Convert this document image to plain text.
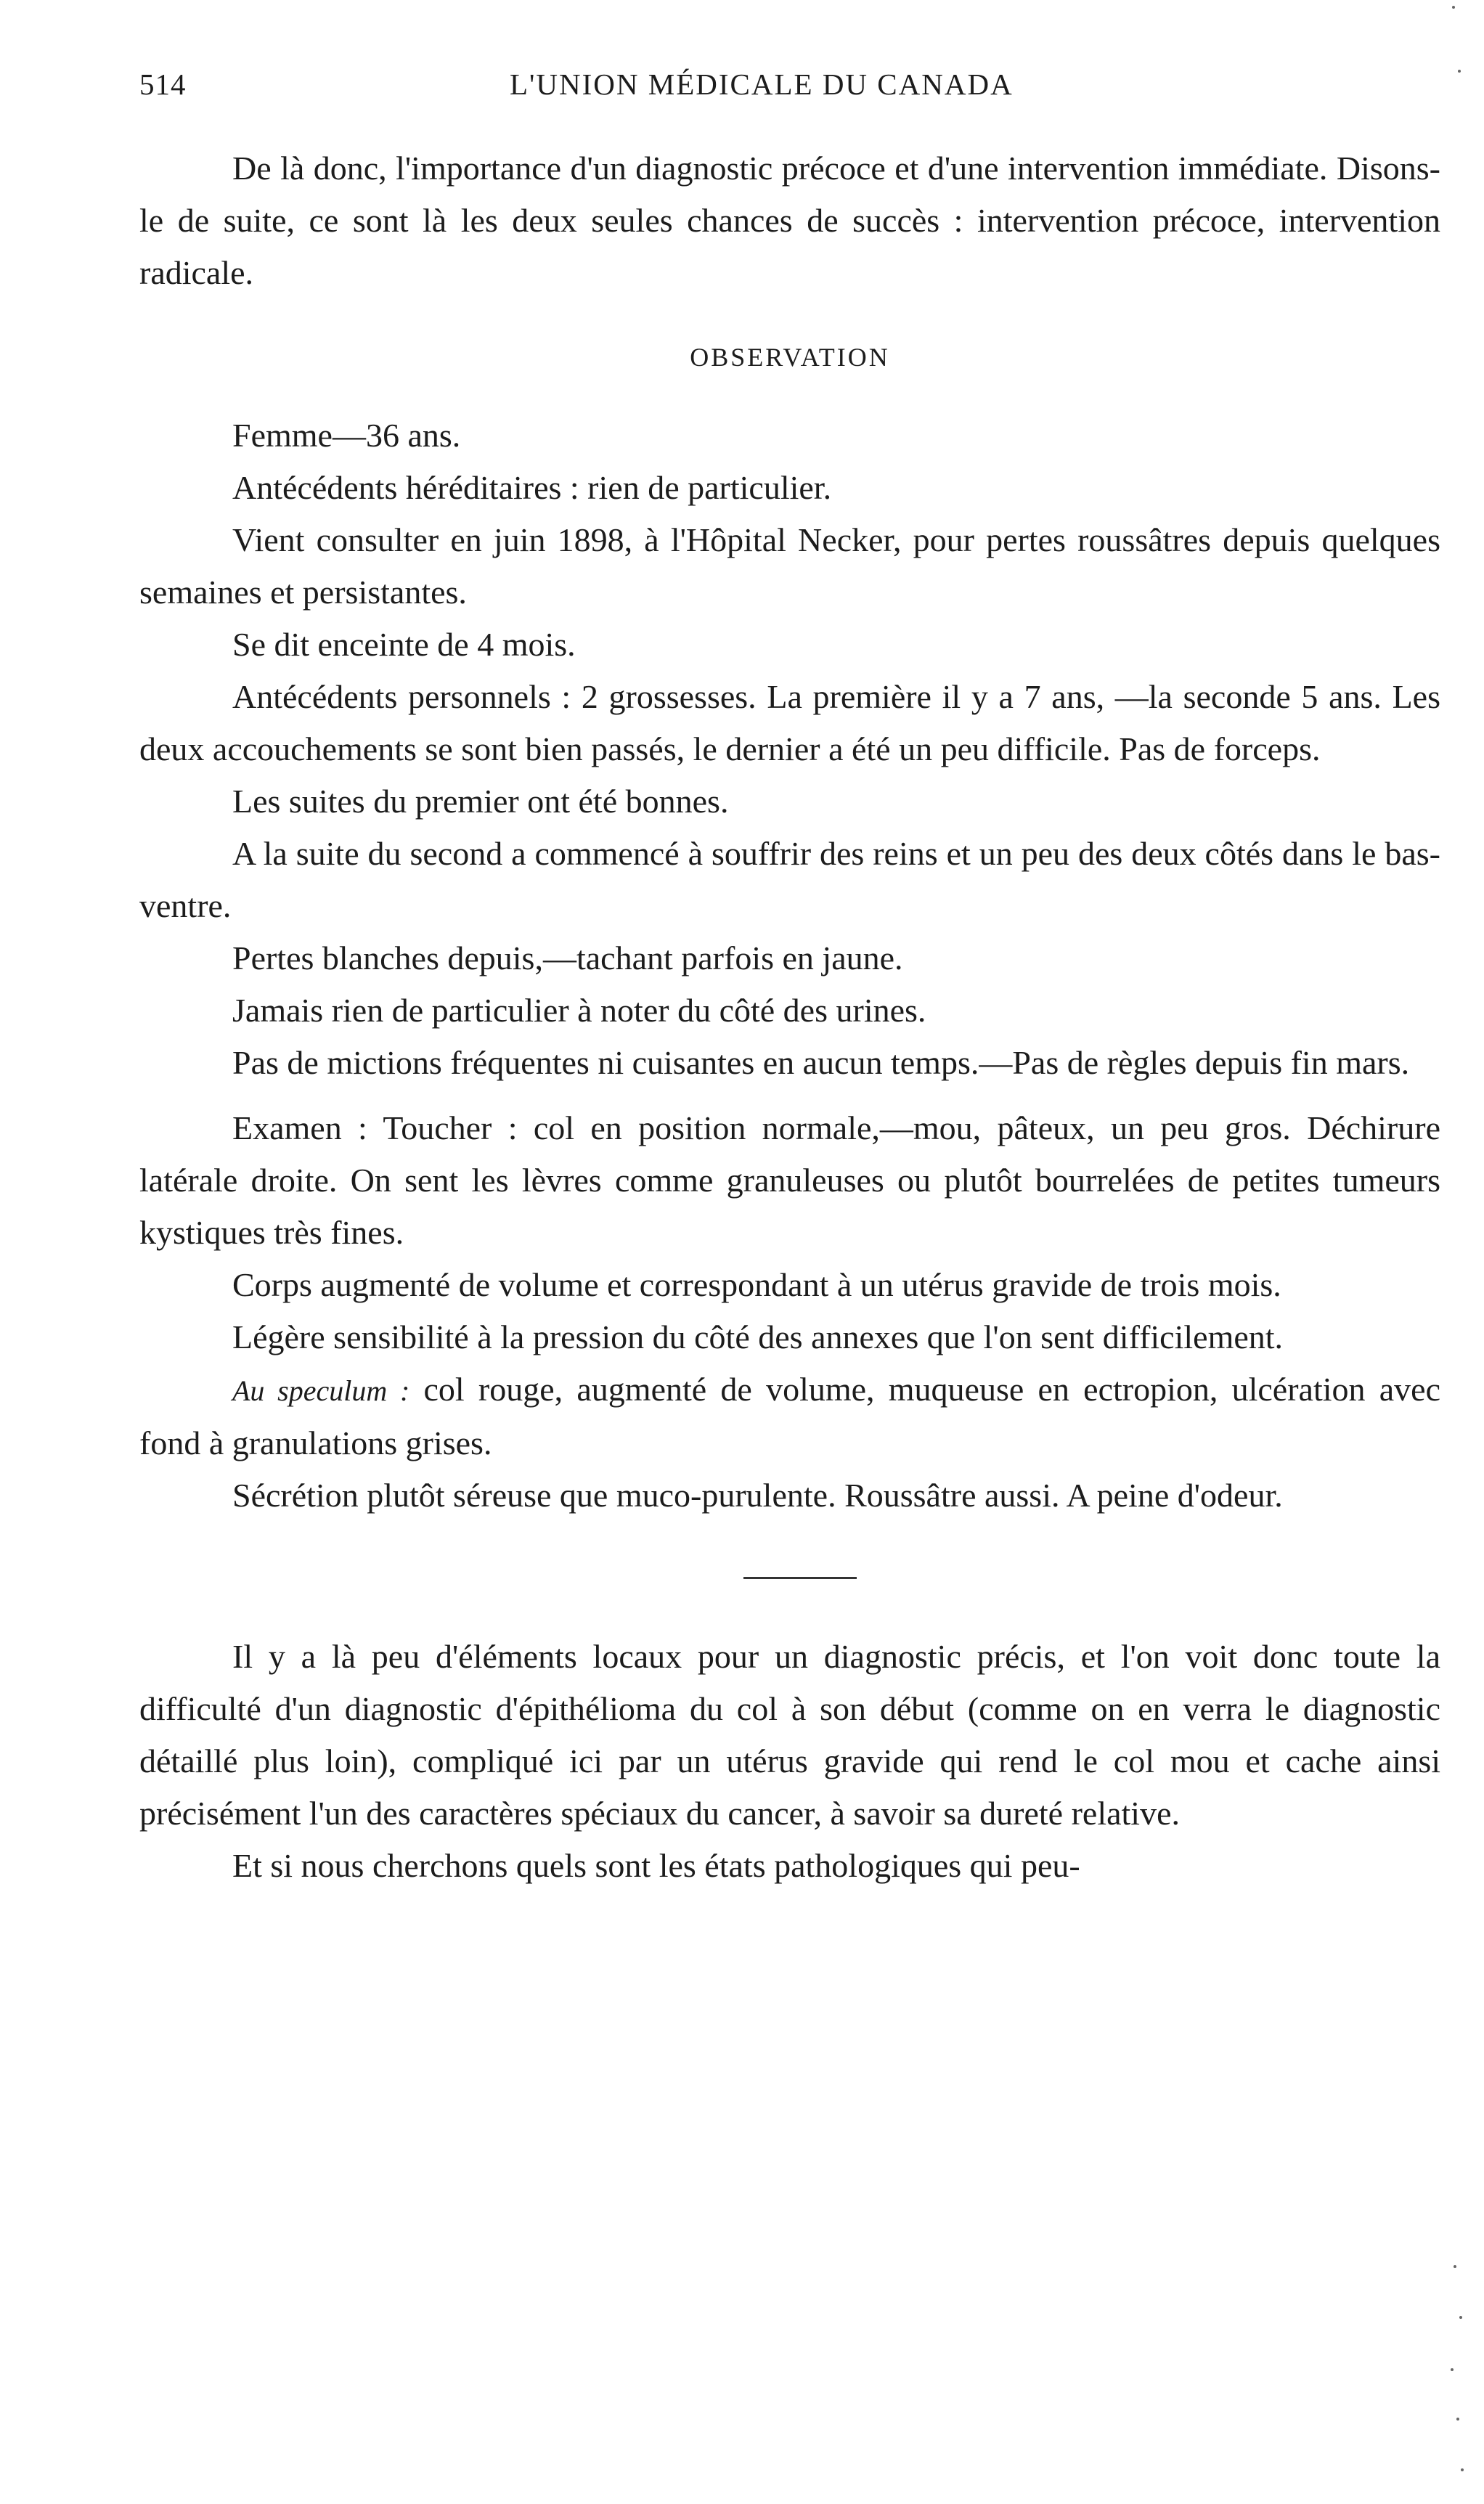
514	L'UNION MÉDICALE DU CANADA

De là donc, l'importance d'un diagnostic précoce et d'une intervention immédiate. Disons-le de suite, ce sont là les deux seules chances de succès : intervention précoce, intervention radicale.

OBSERVATION

Femme—36 ans.

Antécédents héréditaires : rien de particulier.

Vient consulter en juin 1898, à l'Hôpital Necker, pour pertes roussâtres depuis quelques semaines et persistantes.

Se dit enceinte de 4 mois.

Antécédents personnels : 2 grossesses. La première il y a 7 ans, —la seconde 5 ans. Les deux accouchements se sont bien passés, le dernier a été un peu difficile. Pas de forceps.

Les suites du premier ont été bonnes.

A la suite du second a commencé à souffrir des reins et un peu des deux côtés dans le bas-ventre.

Pertes blanches depuis,—tachant parfois en jaune.

Jamais rien de particulier à noter du côté des urines.

Pas de mictions fréquentes ni cuisantes en aucun temps.—Pas de règles depuis fin mars.

Examen : Toucher : col en position normale,—mou, pâteux, un peu gros. Déchirure latérale droite. On sent les lèvres comme granuleuses ou plutôt bourrelées de petites tumeurs kystiques très fines.

Corps augmenté de volume et correspondant à un utérus gravide de trois mois.

Légère sensibilité à la pression du côté des annexes que l'on sent difficilement.

Au speculum : col rouge, augmenté de volume, muqueuse en ectropion, ulcération avec fond à granulations grises.

Sécrétion plutôt séreuse que muco-purulente. Roussâtre aussi. A peine d'odeur.

Il y a là peu d'éléments locaux pour un diagnostic précis, et l'on voit donc toute la difficulté d'un diagnostic d'épithélioma du col à son début (comme on en verra le diagnostic détaillé plus loin), compliqué ici par un utérus gravide qui rend le col mou et cache ainsi précisément l'un des caractères spéciaux du cancer, à savoir sa dureté relative.

Et si nous cherchons quels sont les états pathologiques qui peu-
